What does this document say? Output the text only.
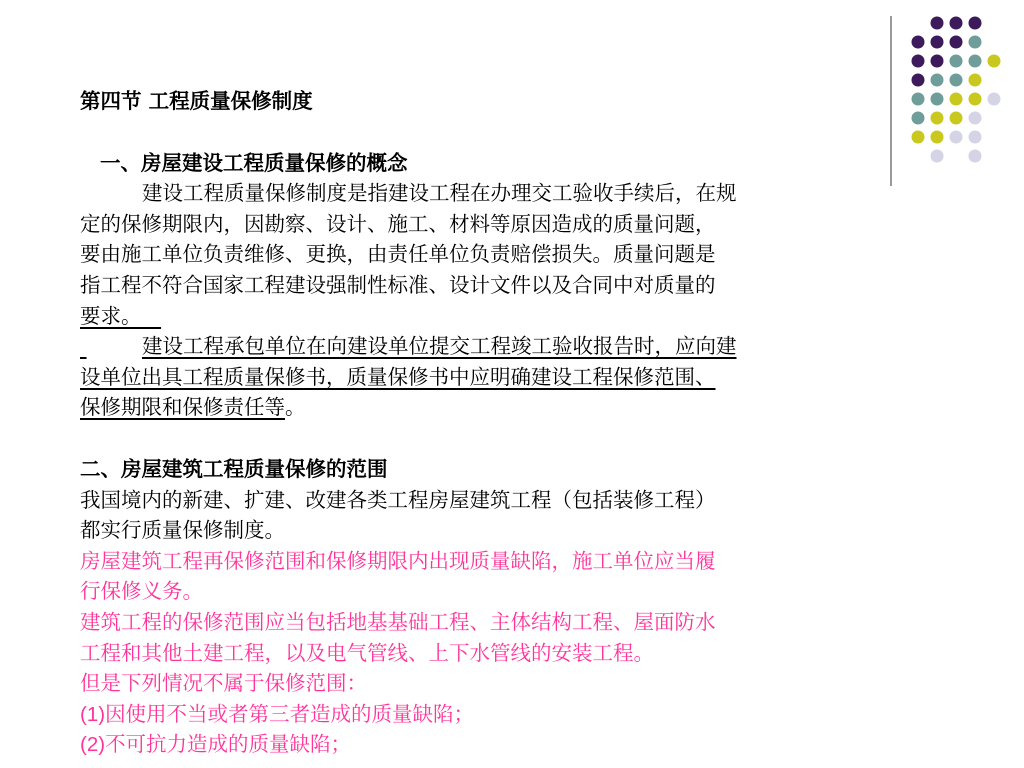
第四节 工程质量保修制度
一、房屋建设工程质量保修的概念
建设工程质量保修制度是指建设工程在办理交工验收手续后，在规
定的保修期限内，因勘察、设计、施工、材料等原因造成的质量问题，
要由施工单位负责维修、更换，由责任单位负责赔偿损失。质量问题是
指工程不符合国家工程建设强制性标准、设计文件以及合同中对质量的
要求。
建设工程承包单位在向建设单位提交工程竣工验收报告时，应向建
设单位出具工程质量保修书，质量保修书中应明确建设工程保修范围、
保修期限和保修责任等。
二、房屋建筑工程质量保修的范围
我国境内的新建、扩建、改建各类工程房屋建筑工程（包括装修工程）
都实行质量保修制度。
房屋建筑工程再保修范围和保修期限内出现质量缺陷，施工单位应当履
行保修义务。
建筑工程的保修范围应当包括地基基础工程、主体结构工程、屋面防水
工程和其他土建工程，以及电气管线、上下水管线的安装工程。
但是下列情况不属于保修范围：
(1)因使用不当或者第三者造成的质量缺陷；
(2)不可抗力造成的质量缺陷；
